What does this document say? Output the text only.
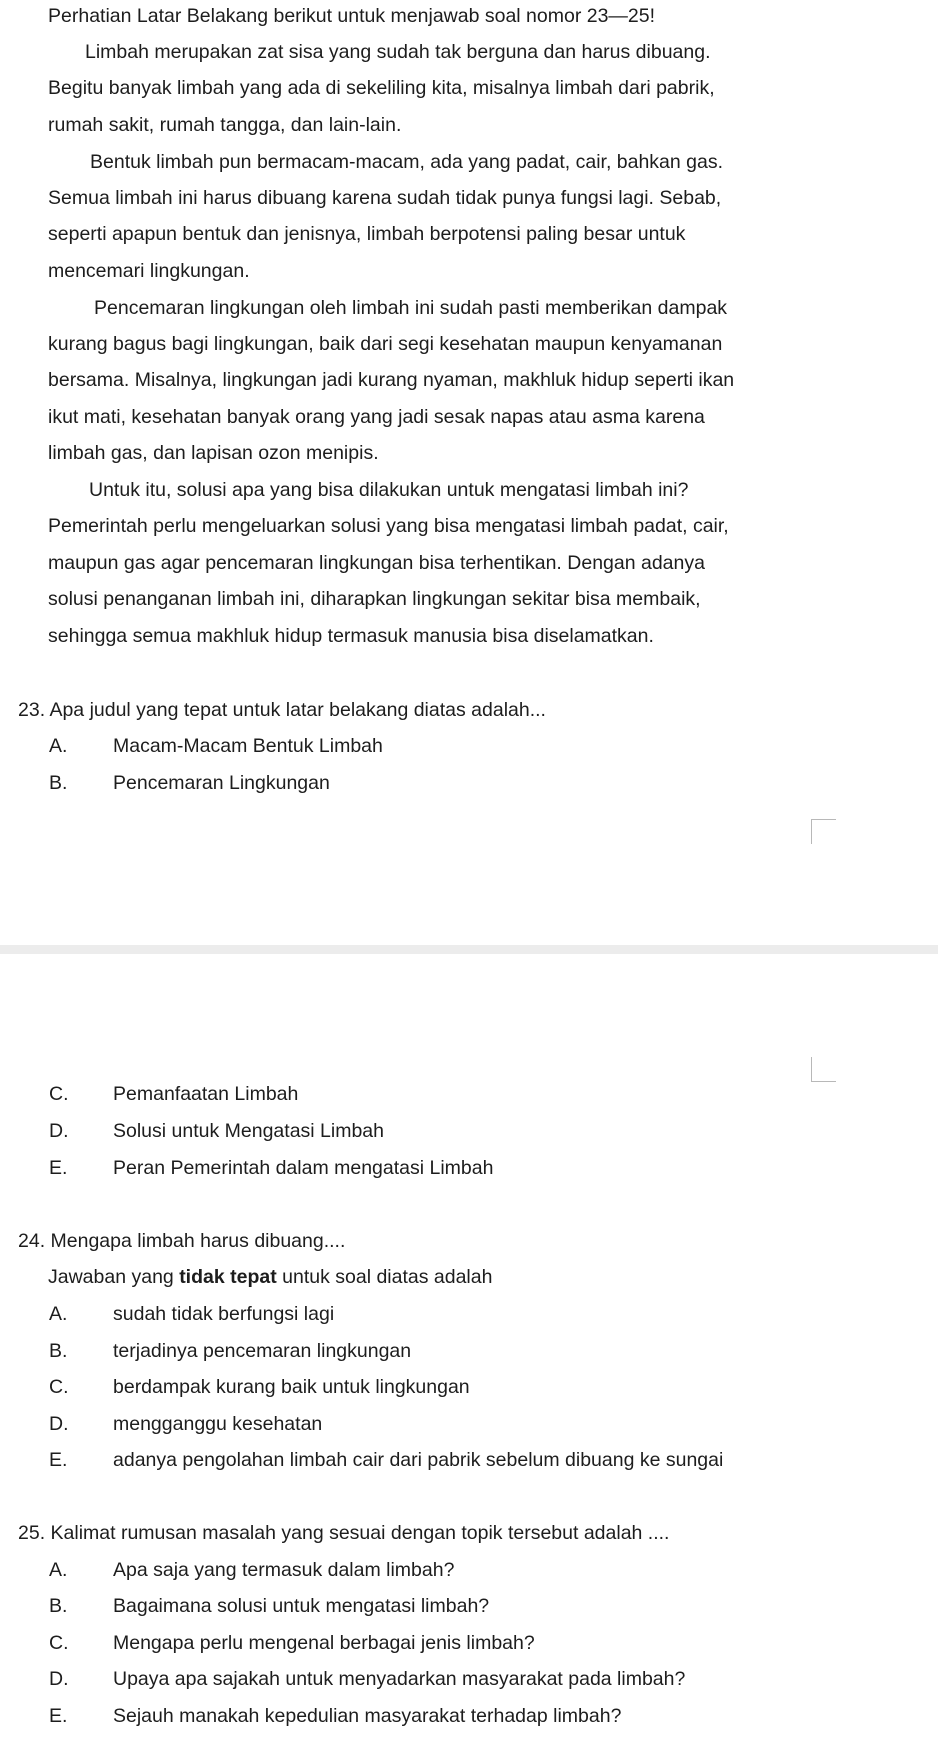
Perhatian Latar Belakang berikut untuk menjawab soal nomor 23—25!
Limbah merupakan zat sisa yang sudah tak berguna dan harus dibuang.
Begitu banyak limbah yang ada di sekeliling kita, misalnya limbah dari pabrik,
rumah sakit, rumah tangga, dan lain-lain.
Bentuk limbah pun bermacam-macam, ada yang padat, cair, bahkan gas.
Semua limbah ini harus dibuang karena sudah tidak punya fungsi lagi. Sebab,
seperti apapun bentuk dan jenisnya, limbah berpotensi paling besar untuk
mencemari lingkungan.
Pencemaran lingkungan oleh limbah ini sudah pasti memberikan dampak
kurang bagus bagi lingkungan, baik dari segi kesehatan maupun kenyamanan
bersama. Misalnya, lingkungan jadi kurang nyaman, makhluk hidup seperti ikan
ikut mati, kesehatan banyak orang yang jadi sesak napas atau asma karena
limbah gas, dan lapisan ozon menipis.
Untuk itu, solusi apa yang bisa dilakukan untuk mengatasi limbah ini?
Pemerintah perlu mengeluarkan solusi yang bisa mengatasi limbah padat, cair,
maupun gas agar pencemaran lingkungan bisa terhentikan. Dengan adanya
solusi penanganan limbah ini, diharapkan lingkungan sekitar bisa membaik,
sehingga semua makhluk hidup termasuk manusia bisa diselamatkan.
23. Apa judul yang tepat untuk latar belakang diatas adalah...
A. Macam-Macam Bentuk Limbah
B. Pencemaran Lingkungan
C. Pemanfaatan Limbah
D. Solusi untuk Mengatasi Limbah
E. Peran Pemerintah dalam mengatasi Limbah
24. Mengapa limbah harus dibuang....
Jawaban yang tidak tepat untuk soal diatas adalah
A. sudah tidak berfungsi lagi
B. terjadinya pencemaran lingkungan
C. berdampak kurang baik untuk lingkungan
D. mengganggu kesehatan
E. adanya pengolahan limbah cair dari pabrik sebelum dibuang ke sungai
25. Kalimat rumusan masalah yang sesuai dengan topik tersebut adalah ....
A. Apa saja yang termasuk dalam limbah?
B. Bagaimana solusi untuk mengatasi limbah?
C. Mengapa perlu mengenal berbagai jenis limbah?
D. Upaya apa sajakah untuk menyadarkan masyarakat pada limbah?
E. Sejauh manakah kepedulian masyarakat terhadap limbah?
